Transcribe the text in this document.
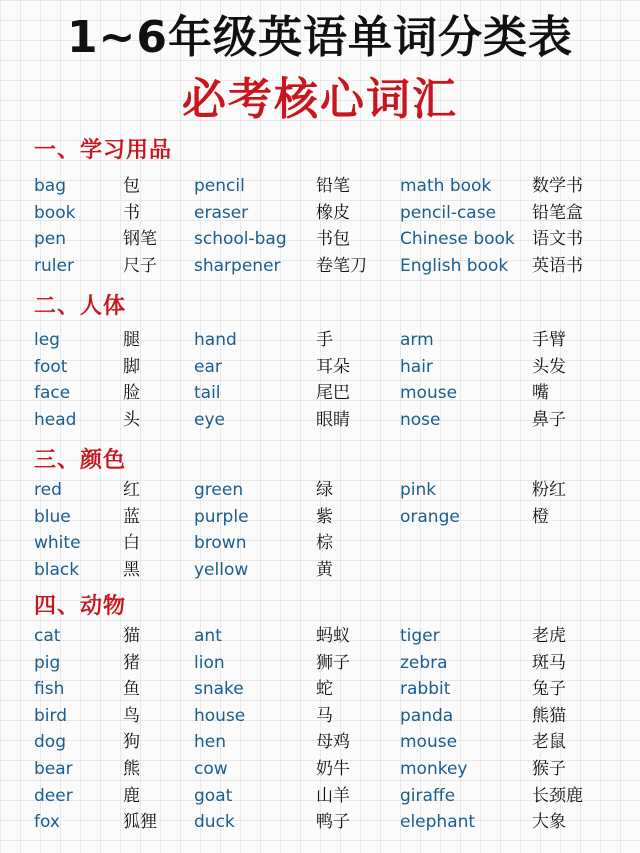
1~6年级英语单词分类表
必考核心词汇
一、学习用品
bag	包	pencil	铅笔	math book 数学书
book	书	eraser	橡皮	pencil-case 铅笔盒
pen	钢笔 school-bag 书包	Chinese book 语文书
ruler	尺子 sharpener 卷笔刀 English book 英语书
二、人体
leg	腿	hand	手	arm	手臂
foot	脚	ear	耳朵	hair	头发
face	脸	tail	尾巴	mouse	嘴
head	头	eye	眼睛	nose	鼻子
三、颜色
red	红	green	绿	pink	粉红
blue	蓝	purple	紫	orange	橙
white 白	brown	棕
black	黑	yellow	黄
四、动物
cat	猫	ant	蚂蚁	tiger	老虎
pig	猪	lion	狮子	zebra	斑马
fish	鱼	snake	蛇	rabbit	兔子
bird	鸟	house	马	panda	熊猫
dog	狗	hen	母鸡	mouse	老鼠
bear	熊	cow	奶牛	monkey	猴子
deer	鹿	goat	山羊	giraffe	长颈鹿
fox	狐狸 duck	鸭子	elephant	大象
